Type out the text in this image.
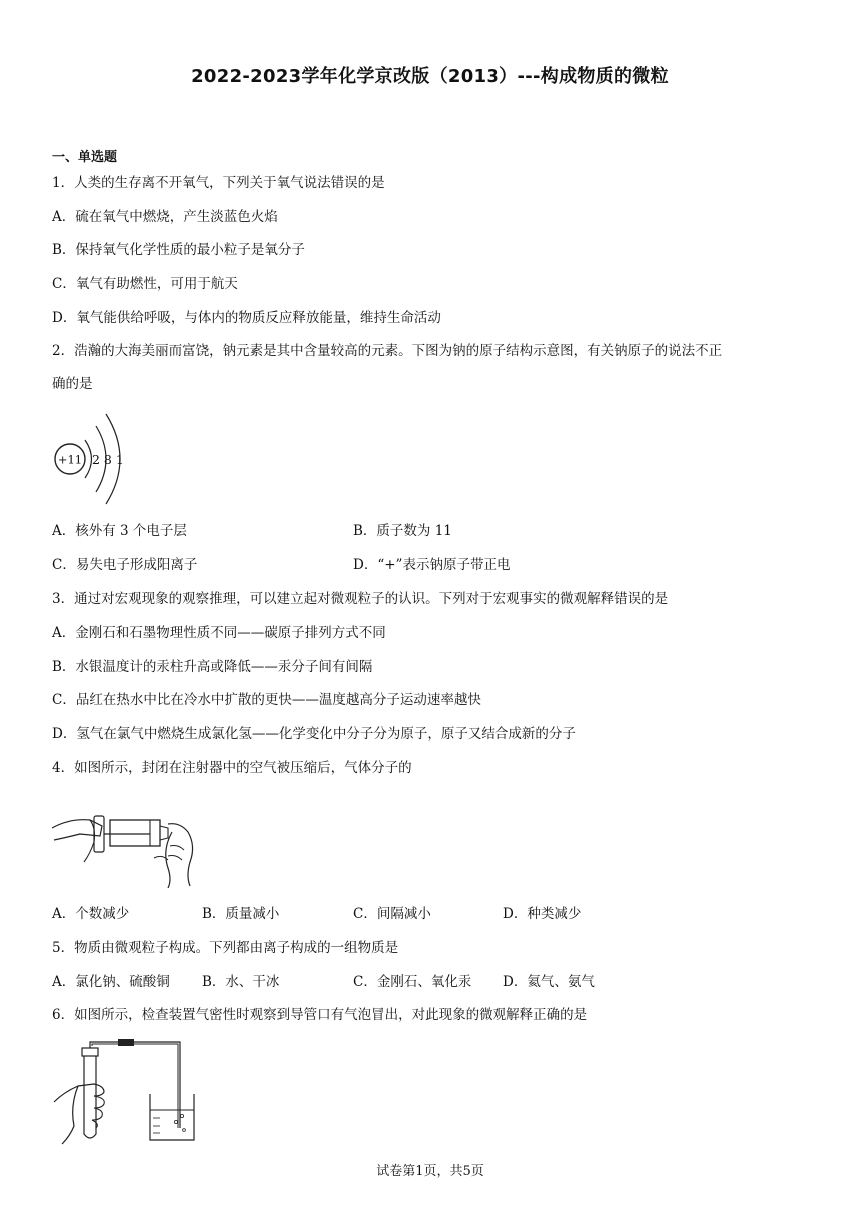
2022-2023学年化学京改版（2013）---构成物质的微粒
一、单选题
1．人类的生存离不开氧气，下列关于氧气说法错误的是
A．硫在氧气中燃烧，产生淡蓝色火焰
B．保持氧气化学性质的最小粒子是氧分子
C．氧气有助燃性，可用于航天
D．氧气能供给呼吸，与体内的物质反应释放能量，维持生命活动
2．浩瀚的大海美丽而富饶，钠元素是其中含量较高的元素。下图为钠的原子结构示意图，有关钠原子的说法不正
确的是
+11 2 8 1
A．核外有 3 个电子层	B．质子数为 11
C．易失电子形成阳离子	D．“+”表示钠原子带正电
3．通过对宏观现象的观察推理，可以建立起对微观粒子的认识。下列对于宏观事实的微观解释错误的是
A．金刚石和石墨物理性质不同——碳原子排列方式不同
B．水银温度计的汞柱升高或降低——汞分子间有间隔
C．品红在热水中比在冷水中扩散的更快——温度越高分子运动速率越快
D．氢气在氯气中燃烧生成氯化氢——化学变化中分子分为原子，原子又结合成新的分子
4．如图所示，封闭在注射器中的空气被压缩后，气体分子的
A．个数减少	B．质量减小	C．间隔减小	D．种类减少
5．物质由微观粒子构成。下列都由离子构成的一组物质是
A．氯化钠、硫酸铜 B．水、干冰	C．金刚石、氧化汞 D．氦气、氨气
6．如图所示，检查装置气密性时观察到导管口有气泡冒出，对此现象的微观解释正确的是
试卷第1页，共5页
